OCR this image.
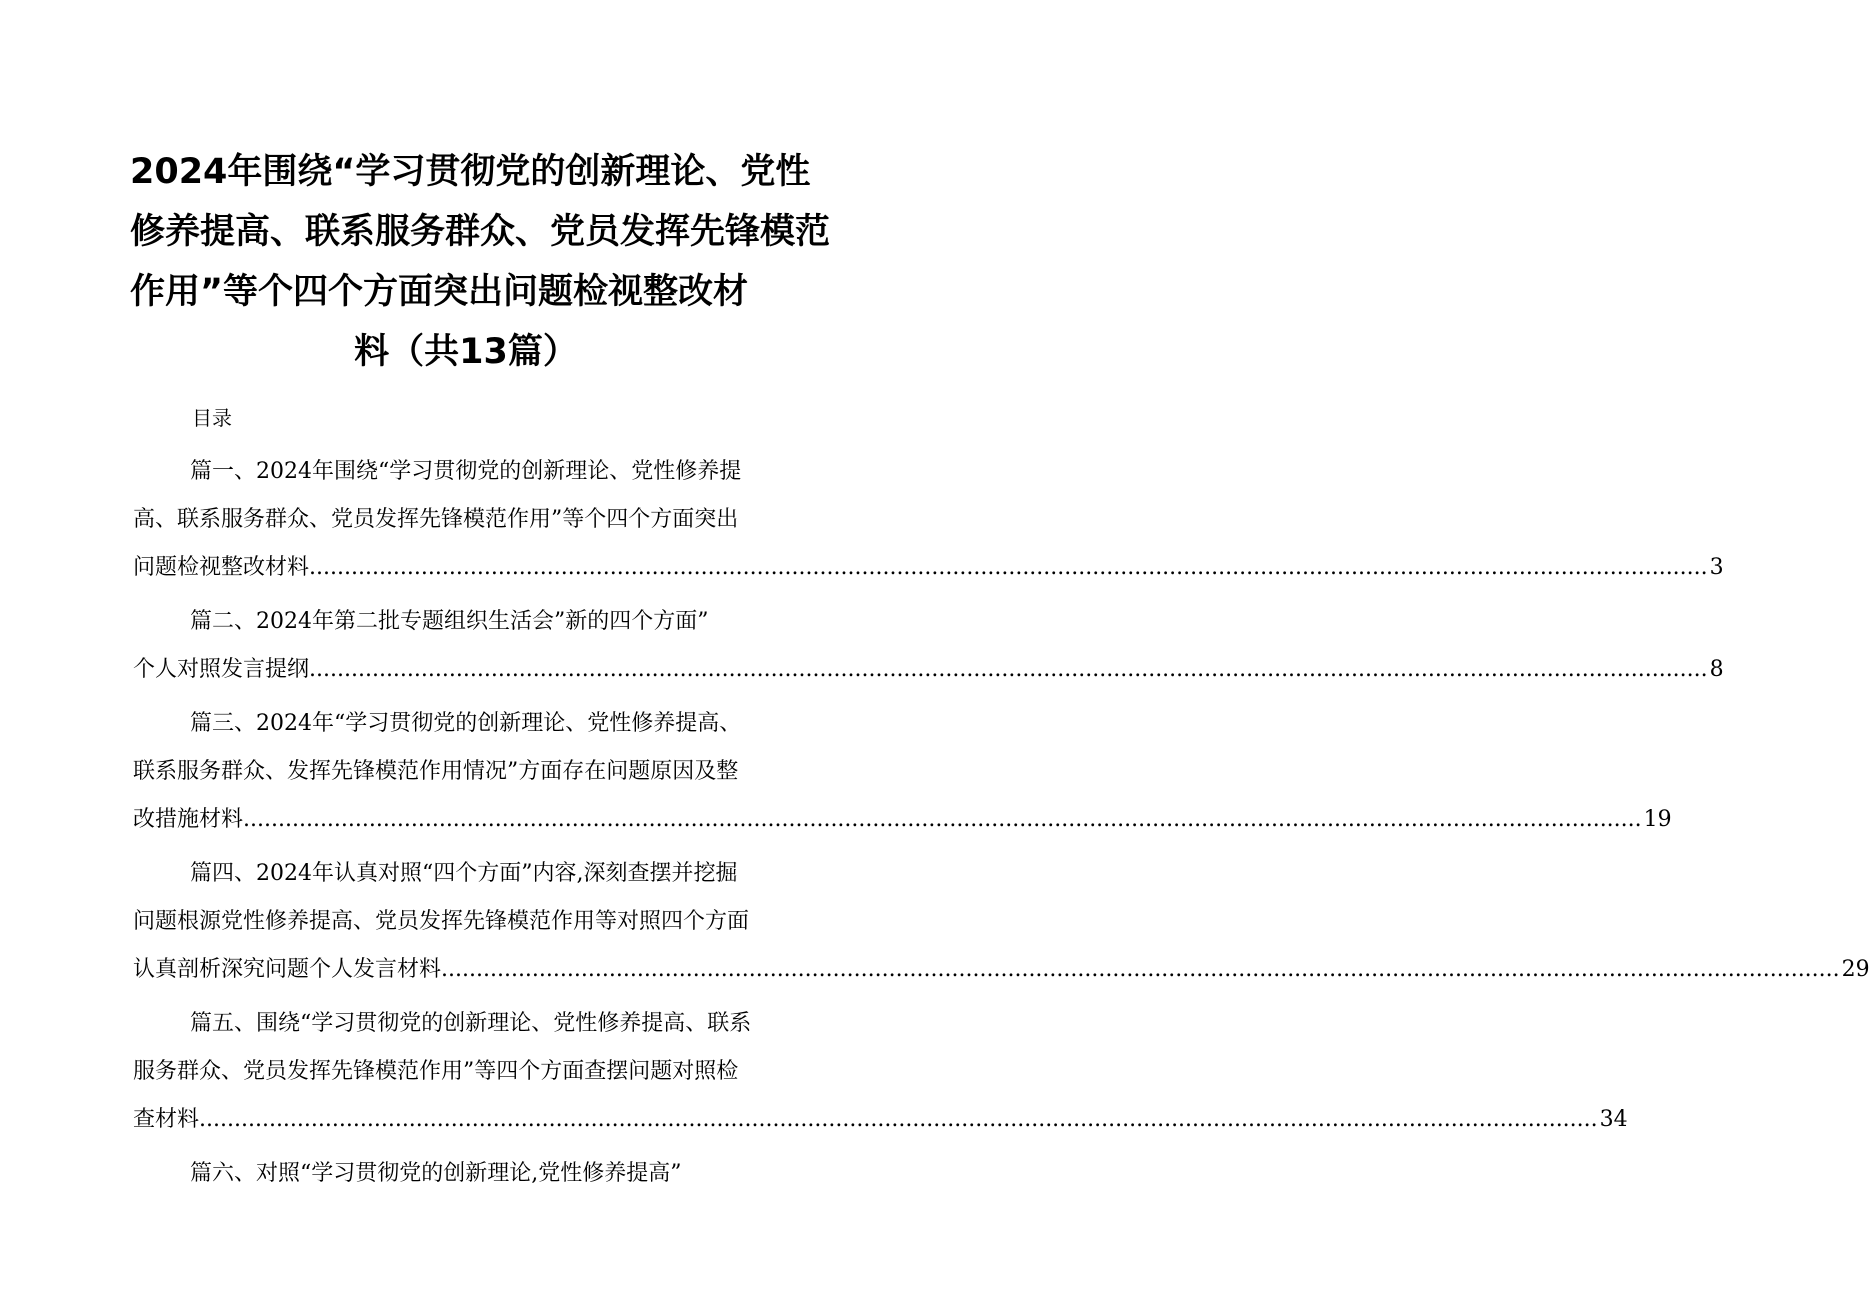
2024年围绕“学习贯彻党的创新理论、党性
修养提高、联系服务群众、党员发挥先锋模范
作用”等个四个方面突出问题检视整改材
料（共13篇）
目录
篇一、2024年围绕“学习贯彻党的创新理论、党性修养提
高、联系服务群众、党员发挥先锋模范作用”等个四个方面突出
问题检视整改材料 ........................................................................................................................................................................................................ 3
篇二、2024年第二批专题组织生活会”新的四个方面”
个人对照发言提纲 ........................................................................................................................................................................................................ 8
篇三、2024年“学习贯彻党的创新理论、党性修养提高、
联系服务群众、发挥先锋模范作用情况”方面存在问题原因及整
改措施材料 ........................................................................................................................................................................................................ 19
篇四、2024年认真对照“四个方面”内容,深刻查摆并挖掘
问题根源党性修养提高、党员发挥先锋模范作用等对照四个方面
认真剖析深究问题个人发言材料 ........................................................................................................................................................................................................ 29
篇五、围绕“学习贯彻党的创新理论、党性修养提高、联系
服务群众、党员发挥先锋模范作用”等四个方面查摆问题对照检
查材料 ........................................................................................................................................................................................................ 34
篇六、对照“学习贯彻党的创新理论,党性修养提高”
